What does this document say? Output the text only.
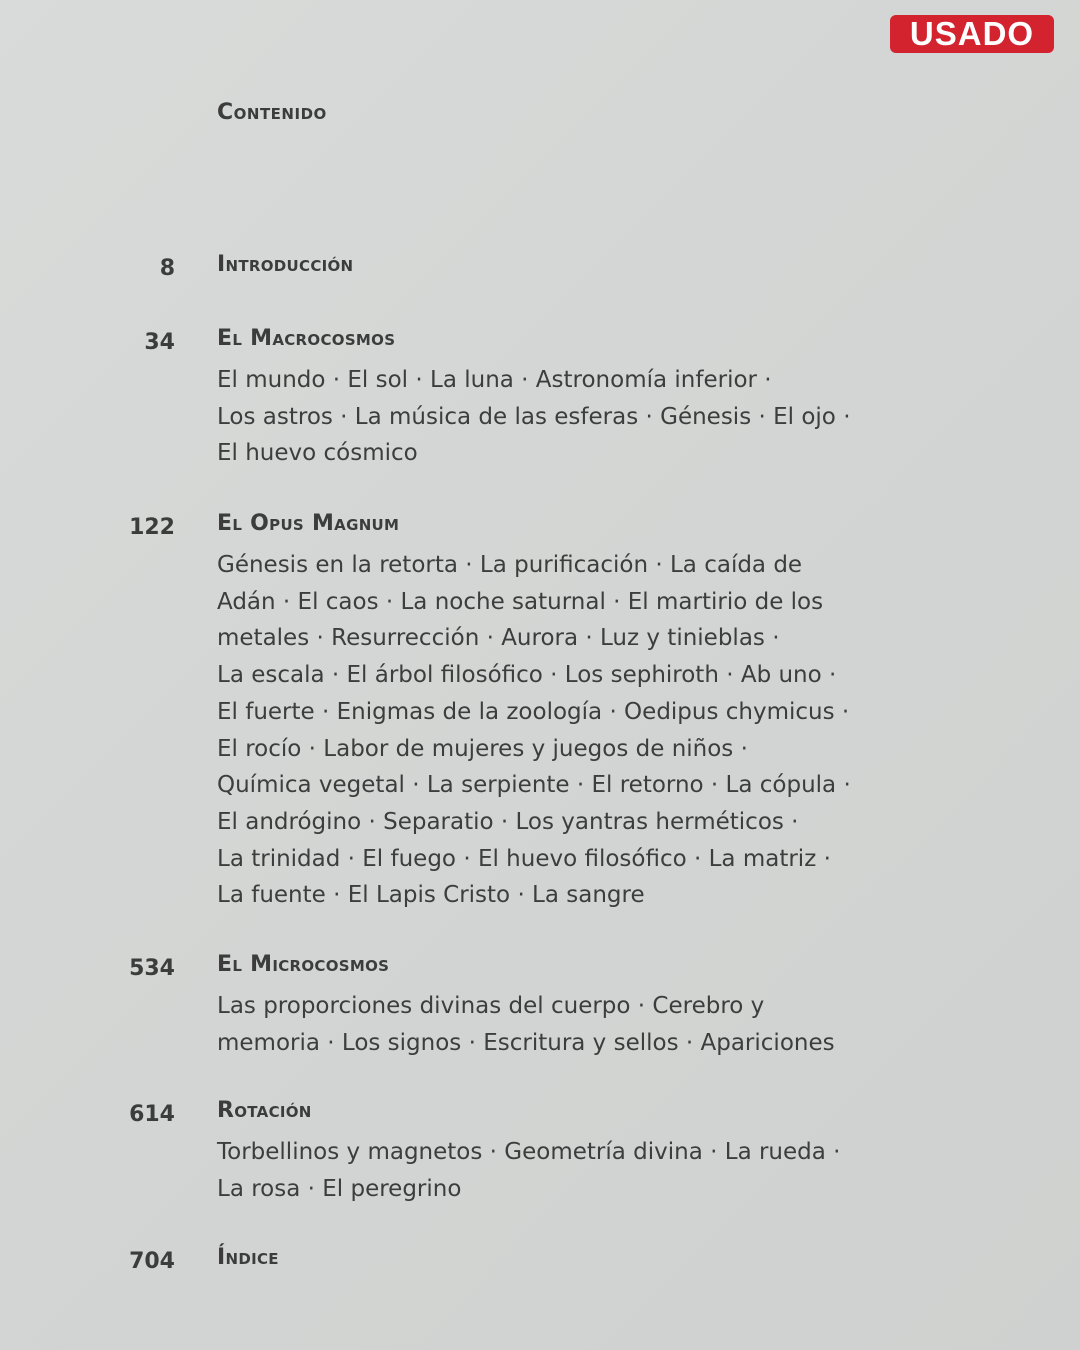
USADO
Contenido
8 Introducción
34 El Macrocosmos
El mundo · El sol · La luna · Astronomía inferior ·
Los astros · La música de las esferas · Génesis · El ojo ·
El huevo cósmico
122 El Opus Magnum
Génesis en la retorta · La purificación · La caída de
Adán · El caos · La noche saturnal · El martirio de los
metales · Resurrección · Aurora · Luz y tinieblas ·
La escala · El árbol filosófico · Los sephiroth · Ab uno ·
El fuerte · Enigmas de la zoología · Oedipus chymicus ·
El rocío · Labor de mujeres y juegos de niños ·
Química vegetal · La serpiente · El retorno · La cópula ·
El andrógino · Separatio · Los yantras herméticos ·
La trinidad · El fuego · El huevo filosófico · La matriz ·
La fuente · El Lapis Cristo · La sangre
534 El Microcosmos
Las proporciones divinas del cuerpo · Cerebro y
memoria · Los signos · Escritura y sellos · Apariciones
614 Rotación
Torbellinos y magnetos · Geometría divina · La rueda ·
La rosa · El peregrino
704 Índice
